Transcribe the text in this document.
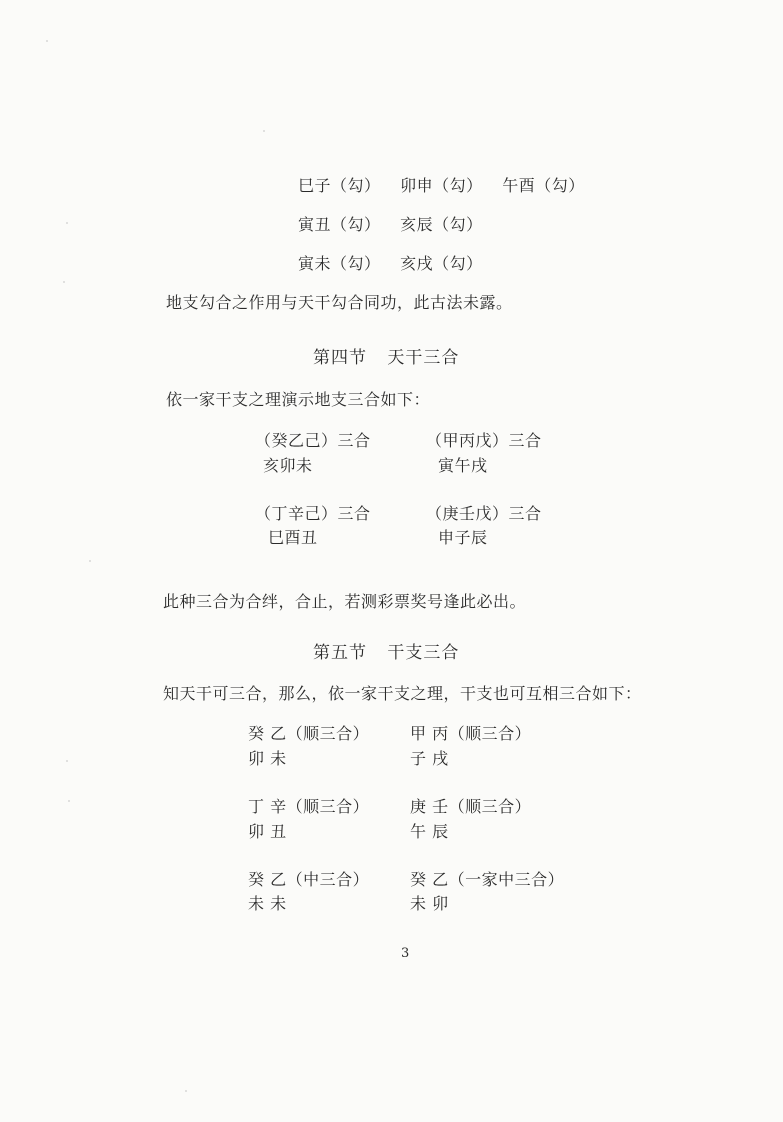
巳子（勾） 卯申（勾） 午酉（勾）
寅丑（勾） 亥辰（勾）
寅未（勾） 亥戌（勾）
地支勾合之作用与天干勾合同功，此古法未露。
第四节 天干三合
依一家干支之理演示地支三合如下：
（癸乙己）三合
亥卯未
（甲丙戊）三合
寅午戌
（丁辛己）三合
巳酉丑
（庚壬戊）三合
申子辰
此种三合为合绊，合止，若测彩票奖号逢此必出。
第五节 干支三合
知天干可三合，那么，依一家干支之理，干支也可互相三合如下：
癸 乙（顺三合）
卯 未
甲 丙（顺三合）
子 戌
丁 辛（顺三合）
卯 丑
庚 壬（顺三合）
午 辰
癸 乙（中三合）
未 未
癸 乙（一家中三合）
未 卯
3
